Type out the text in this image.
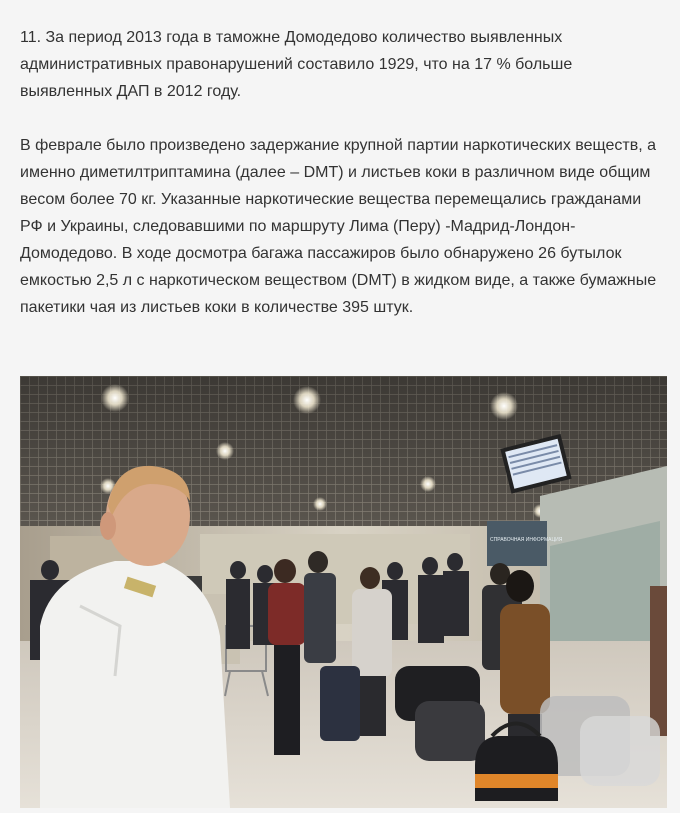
11. За период 2013 года в таможне Домодедово количество выявленных административных правонарушений составило 1929, что на 17 % больше выявленных ДАП в 2012 году.

В феврале было произведено задержание крупной партии наркотических веществ, а именно диметилтриптамина (далее – DMT) и листьев коки в различном виде общим весом более 70 кг. Указанные наркотические вещества перемещались гражданами РФ и Украины, следовавшими по маршруту Лима (Перу) -Мадрид-Лондон-Домодедово. В ходе досмотра багажа пассажиров было обнаружено 26 бутылок емкостью 2,5 л с наркотическом веществом (DMT) в жидком виде, а также бумажные пакетики чая из листьев коки в количестве 395 штук.

СПРАВОЧНАЯ ИНФОРМАЦИЯ
